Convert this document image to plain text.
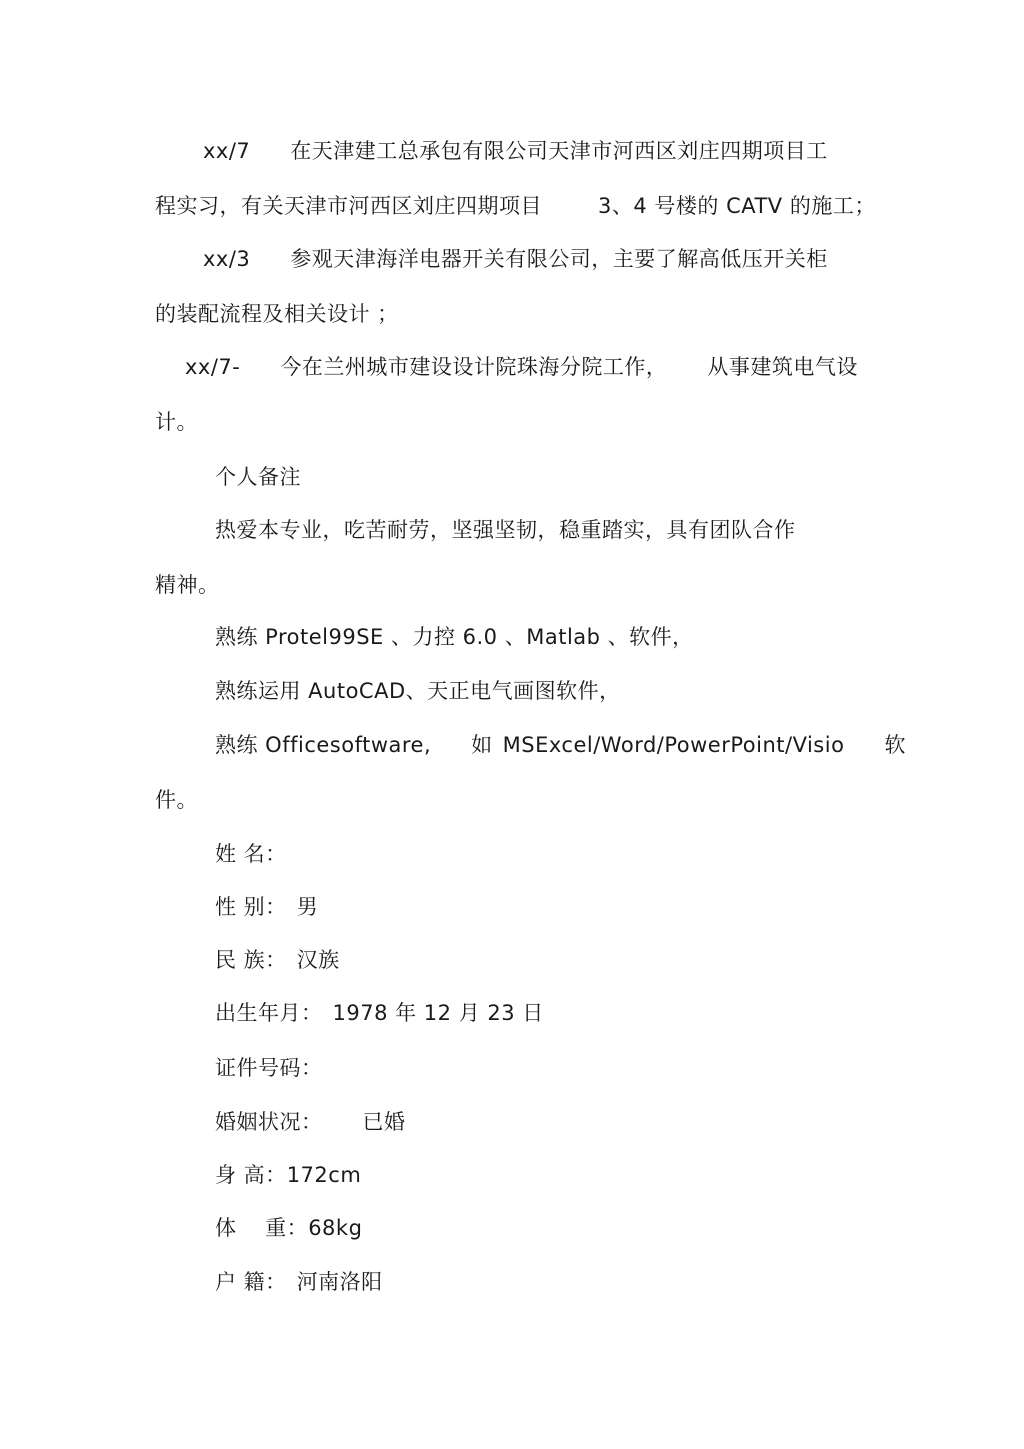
xx/7 在天津建工总承包有限公司天津市河西区刘庄四期项目工
程实习，有关天津市河西区刘庄四期项目	3、4 号楼的 CATV 的施工；
xx/3 参观天津海洋电器开关有限公司，主要了解高低压开关柜
的装配流程及相关设计 ；
xx/7- 今在兰州城市建设设计院珠海分院工作， 从事建筑电气设
计。
个人备注
热爱本专业，吃苦耐劳，坚强坚韧，稳重踏实，具有团队合作
精神。
熟练 Protel99SE 、力控 6.0 、Matlab 、软件，
熟练运用 AutoCAD、天正电气画图软件，
熟练 Officesoftware, 如 MSExcel/Word/PowerPoint/Visio 软
件。
姓 名：
性 别： 男
民 族： 汉族
出生年月： 1978 年 12 月 23 日
证件号码：
婚姻状况： 已婚
身 高：172cm
体　 重：68kg
户 籍： 河南洛阳
